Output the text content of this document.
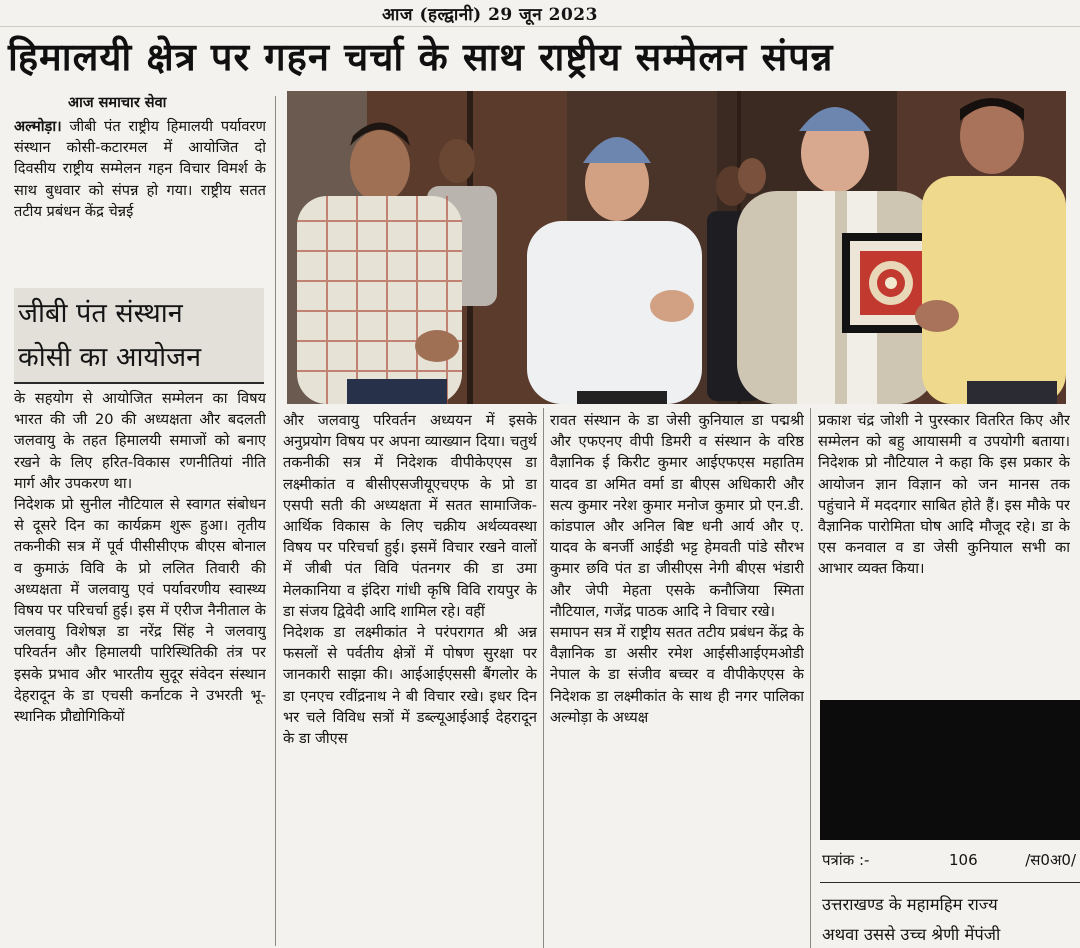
आज (हल्द्वानी) 29 जून 2023
हिमालयी क्षेत्र पर गहन चर्चा के साथ राष्ट्रीय सम्मेलन संपन्न
आज समाचार सेवा
अल्मोड़ा। जीबी पंत राष्ट्रीय हिमालयी पर्यावरण संस्थान कोसी-कटारमल में आयोजित दो दिवसीय राष्ट्रीय सम्मेलन गहन विचार विमर्श के साथ बुधवार को संपन्न हो गया। राष्ट्रीय सतत तटीय प्रबंधन केंद्र चेन्नई
जीबी पंत संस्थान
कोसी का आयोजन
के सहयोग से आयोजित सम्मेलन का विषय भारत की जी 20 की अध्यक्षता और बदलती जलवायु के तहत हिमालयी समाजों को बनाए रखने के लिए हरित-विकास रणनीतियां नीति मार्ग और उपकरण था।
निदेशक प्रो सुनील नौटियाल से स्वागत संबोधन से दूसरे दिन का कार्यक्रम शुरू हुआ। तृतीय तकनीकी सत्र में पूर्व पीसीसीएफ बीएस बोनाल व कुमाऊं विवि के प्रो ललित तिवारी की अध्यक्षता में जलवायु एवं पर्यावरणीय स्वास्थ्य विषय पर परिचर्चा हुई। इस में एरीज नैनीताल के जलवायु विशेषज्ञ डा नरेंद्र सिंह ने जलवायु परिवर्तन और हिमालयी पारिस्थितिकी तंत्र पर इसके प्रभाव और भारतीय सुदूर संवेदन संस्थान देहरादून के डा एचसी कर्नाटक ने उभरती भू-स्थानिक प्रौद्योगिकियों
और जलवायु परिवर्तन अध्ययन में इसके अनुप्रयोग विषय पर अपना व्याख्यान दिया। चतुर्थ तकनीकी सत्र में निदेशक वीपीकेएएस डा लक्ष्मीकांत व बीसीएसजीयूएचएफ के प्रो डा एसपी सती की अध्यक्षता में सतत सामाजिक-आर्थिक विकास के लिए चक्रीय अर्थव्यवस्था विषय पर परिचर्चा हुई। इसमें विचार रखने वालों में जीबी पंत विवि पंतनगर की डा उमा मेलकानिया व इंदिरा गांधी कृषि विवि रायपुर के डा संजय द्विवेदी आदि शामिल रहे। वहीं
निदेशक डा लक्ष्मीकांत ने परंपरागत श्री अन्न फसलों से पर्वतीय क्षेत्रों में पोषण सुरक्षा पर जानकारी साझा की। आईआईएससी बैंगलोर के डा एनएच रवींद्रनाथ ने बी विचार रखे। इधर दिन भर चले विविध सत्रों में डब्ल्यूआईआई देहरादून के डा जीएस
रावत संस्थान के डा जेसी कुनियाल डा पद्मश्री और एफएनए वीपी डिमरी व संस्थान के वरिष्ठ वैज्ञानिक ई किरीट कुमार आईएफएस महातिम यादव डा अमित वर्मा डा बीएस अधिकारी और सत्य कुमार नरेश कुमार मनोज कुमार प्रो एन.डी. कांडपाल और अनिल बिष्ट धनी आर्य और ए. यादव के बनर्जी आईडी भट्ट हेमवती पांडे सौरभ कुमार छवि पंत डा जीसीएस नेगी बीएस भंडारी और जेपी मेहता एसके कनौजिया स्मिता नौटियाल, गजेंद्र पाठक आदि ने विचार रखे।
समापन सत्र में राष्ट्रीय सतत तटीय प्रबंधन केंद्र के वैज्ञानिक डा असीर रमेश आईसीआईएमओडी नेपाल के डा संजीव बच्चर व वीपीकेएएस के निदेशक डा लक्ष्मीकांत के साथ ही नगर पालिका अल्मोड़ा के अध्यक्ष
प्रकाश चंद्र जोशी ने पुरस्कार वितरित किए और सम्मेलन को बहु आयासमी व उपयोगी बताया। निदेशक प्रो नौटियाल ने कहा कि इस प्रकार के आयोजन ज्ञान विज्ञान को जन मानस तक पहुंचाने में मददगार साबित होते हैं। इस मौके पर वैज्ञानिक पारोमिता घोष आदि मौजूद रहे। डा के एस कनवाल व डा जेसी कुनियाल सभी का आभार व्यक्त किया।
पत्रांक :-	106	/स0अ0/
उत्तराखण्ड के महामहिम राज्य
अथवा उससे उच्च श्रेणी मेंपंजी
